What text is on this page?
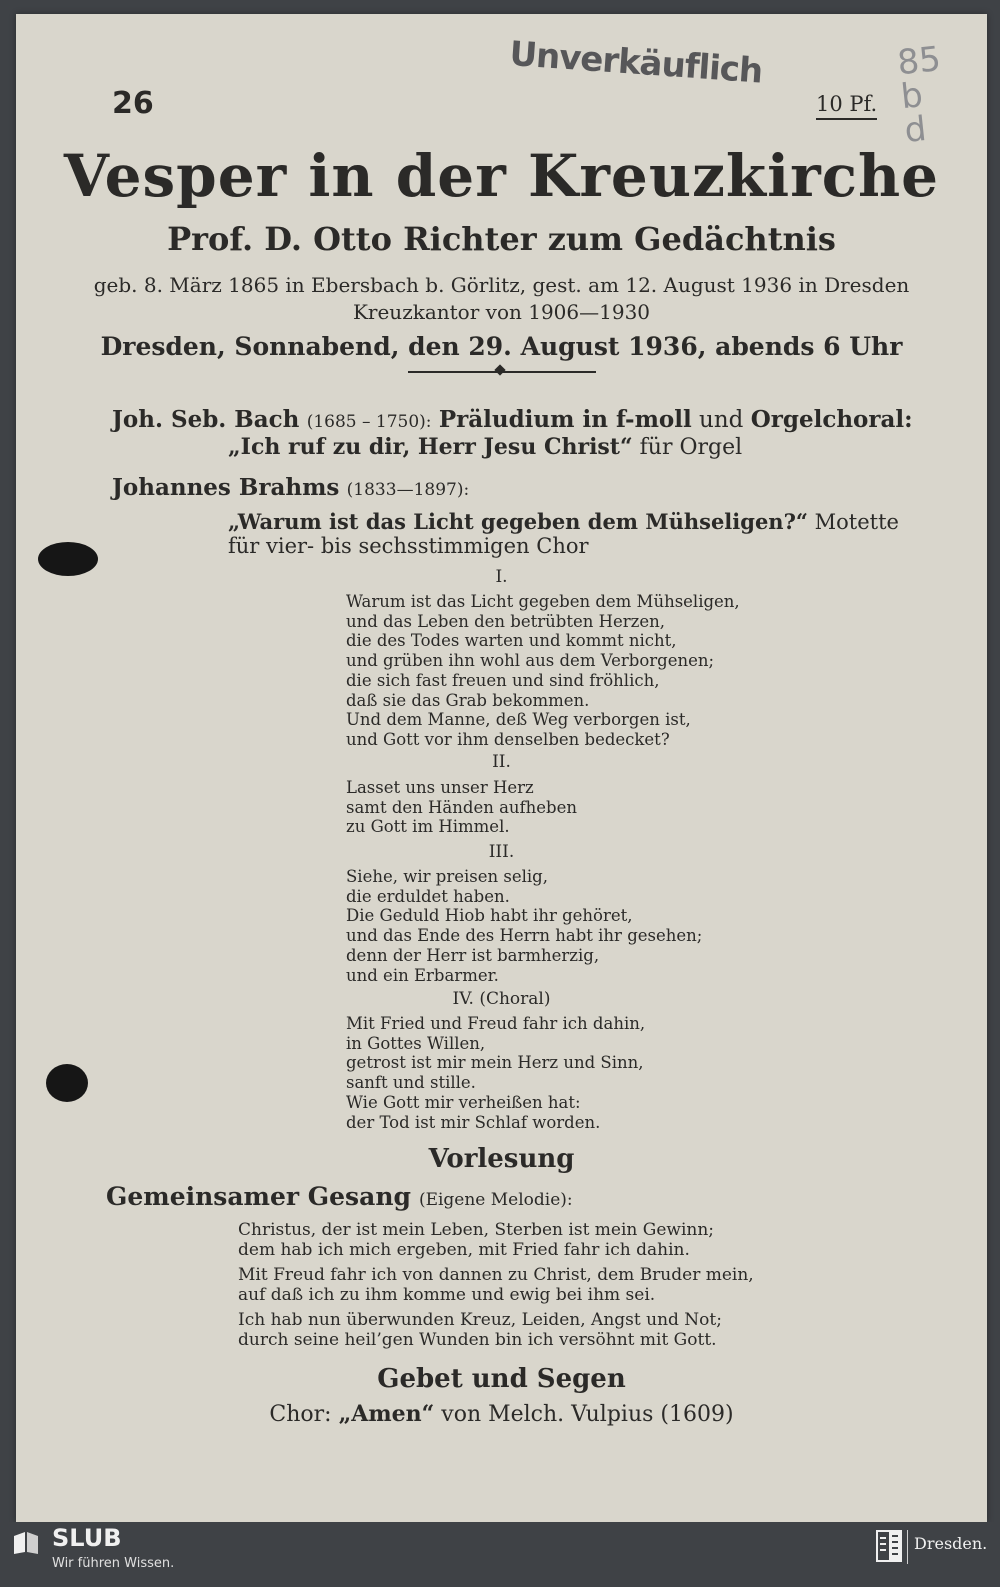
26
Unverkäuflich
10 Pf.
85
b
d
Vesper in der Kreuzkirche
Prof. D. Otto Richter zum Gedächtnis
geb. 8. März 1865 in Ebersbach b. Görlitz, gest. am 12. August 1936 in Dresden
Kreuzkantor von 1906—1930
Dresden, Sonnabend, den 29. August 1936, abends 6 Uhr
Joh. Seb. Bach (1685 – 1750): Präludium in f-moll und Orgelchoral:
„Ich ruf zu dir, Herr Jesu Christ“ für Orgel
Johannes Brahms (1833—1897):
„Warum ist das Licht gegeben dem Mühseligen?“ Motette
für vier- bis sechsstimmigen Chor
I.
Warum ist das Licht gegeben dem Mühseligen,
und das Leben den betrübten Herzen,
die des Todes warten und kommt nicht,
und grüben ihn wohl aus dem Verborgenen;
die sich fast freuen und sind fröhlich,
daß sie das Grab bekommen.
Und dem Manne, deß Weg verborgen ist,
und Gott vor ihm denselben bedecket?
II.
Lasset uns unser Herz
samt den Händen aufheben
zu Gott im Himmel.
III.
Siehe, wir preisen selig,
die erduldet haben.
Die Geduld Hiob habt ihr gehöret,
und das Ende des Herrn habt ihr gesehen;
denn der Herr ist barmherzig,
und ein Erbarmer.
IV. (Choral)
Mit Fried und Freud fahr ich dahin,
in Gottes Willen,
getrost ist mir mein Herz und Sinn,
sanft und stille.
Wie Gott mir verheißen hat:
der Tod ist mir Schlaf worden.
Vorlesung
Gemeinsamer Gesang (Eigene Melodie):
Christus, der ist mein Leben, Sterben ist mein Gewinn;
dem hab ich mich ergeben, mit Fried fahr ich dahin.
Mit Freud fahr ich von dannen zu Christ, dem Bruder mein,
auf daß ich zu ihm komme und ewig bei ihm sei.
Ich hab nun überwunden Kreuz, Leiden, Angst und Not;
durch seine heil’gen Wunden bin ich versöhnt mit Gott.
Gebet und Segen
Chor: „Amen“ von Melch. Vulpius (1609)
SLUB
Wir führen Wissen.
Dresden.
